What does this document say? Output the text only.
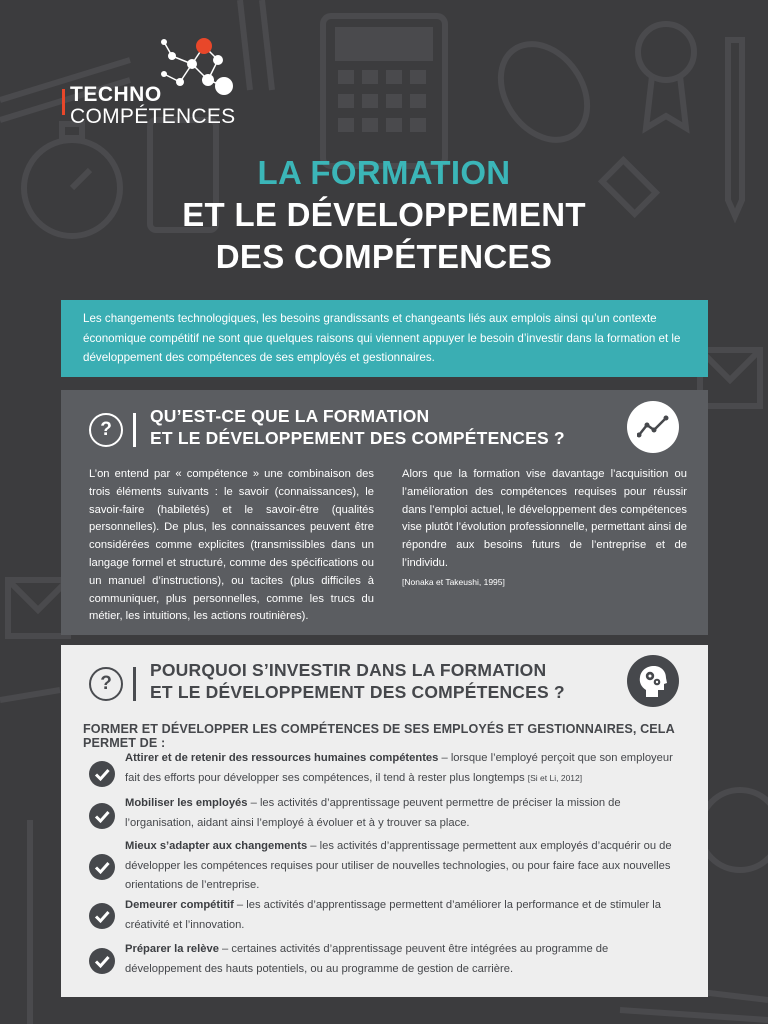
TECHNO
COMPÉTENCES
LA FORMATION
ET LE DÉVELOPPEMENT
DES COMPÉTENCES
Les changements technologiques, les besoins grandissants et changeants liés aux emplois ainsi qu’un contexte économique compétitif ne sont que quelques raisons qui viennent appuyer le besoin d’investir dans la formation et le développement des compétences de ses employés et gestionnaires.
?
QU’EST-CE QUE LA FORMATION
ET LE DÉVELOPPEMENT DES COMPÉTENCES ?
L’on entend par « compétence » une combinaison des trois éléments suivants : le savoir (connaissances), le savoir-faire (habiletés) et le savoir-être (qualités personnelles). De plus, les connaissances peuvent être considérées comme explicites (transmissibles dans un langage formel et structuré, comme des spécifications ou un manuel d’instructions), ou tacites (plus difficiles à communiquer, plus personnelles, comme les trucs du métier, les intuitions, les actions routinières).
Alors que la formation vise davantage l’acquisition ou l’amélioration des compétences requises pour réussir dans l’emploi actuel, le développement des compétences vise plutôt l’évolution professionnelle, permettant ainsi de répondre aux besoins futurs de l’entreprise et de l’individu.
[Nonaka et Takeushi, 1995]
?
POURQUOI S’INVESTIR DANS LA FORMATION
ET LE DÉVELOPPEMENT DES COMPÉTENCES ?
FORMER ET DÉVELOPPER LES COMPÉTENCES DE SES EMPLOYÉS ET GESTIONNAIRES, CELA PERMET DE :

Attirer et de retenir des ressources humaines compétentes – lorsque l’employé perçoit que son employeur fait des efforts pour développer ses compétences, il tend à rester plus longtemps [Si et Li, 2012]

Mobiliser les employés – les activités d’apprentissage peuvent permettre de préciser la mission de l’organisation, aidant ainsi l’employé à évoluer et à y trouver sa place.

Mieux s’adapter aux changements – les activités d’apprentissage permettent aux employés d’acquérir ou de développer les compétences requises pour utiliser de nouvelles technologies, ou pour faire face aux nouvelles orientations de l’entreprise.

Demeurer compétitif – les activités d’apprentissage permettent d’améliorer la performance et de stimuler la créativité et l’innovation.

Préparer la relève – certaines activités d’apprentissage peuvent être intégrées au programme de développement des hauts potentiels, ou au programme de gestion de carrière.
